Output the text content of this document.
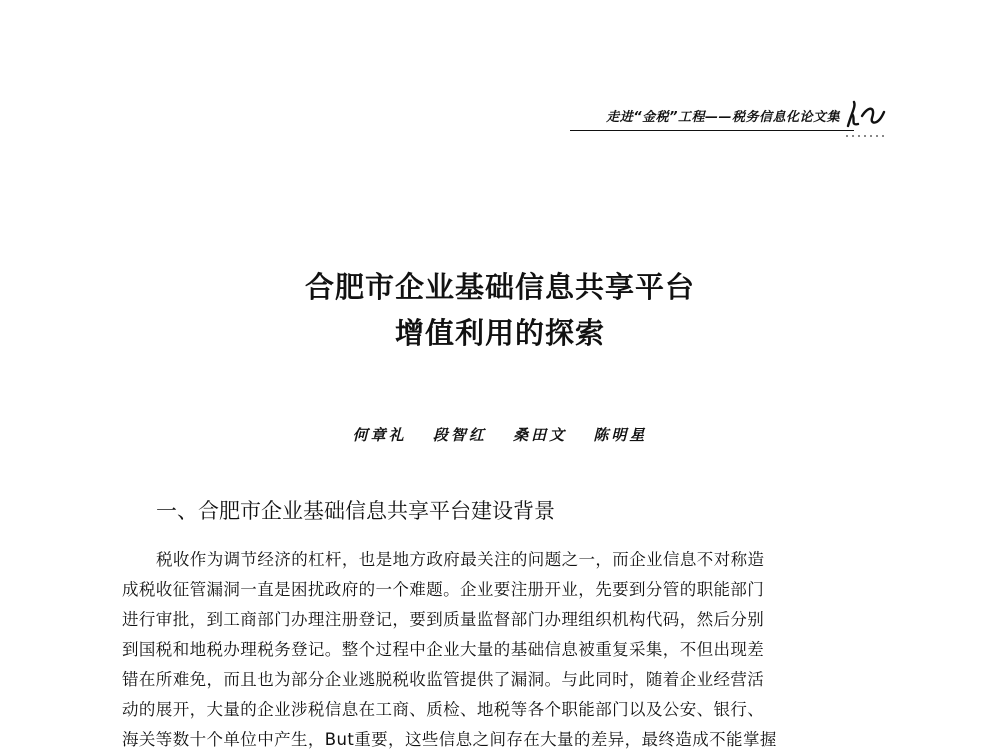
走进“金税”工程——税务信息化论文集
合肥市企业基础信息共享平台
增值利用的探索
何章礼 段智红 桑田文 陈明星
一、合肥市企业基础信息共享平台建设背景
税收作为调节经济的杠杆，也是地方政府最关注的问题之一，而企业信息不对称造
成税收征管漏洞一直是困扰政府的一个难题。企业要注册开业，先要到分管的职能部门
进行审批，到工商部门办理注册登记，要到质量监督部门办理组织机构代码，然后分别
到国税和地税办理税务登记。整个过程中企业大量的基础信息被重复采集，不但出现差
错在所难免，而且也为部分企业逃脱税收监管提供了漏洞。与此同时，随着企业经营活
动的展开，大量的企业涉税信息在工商、质检、地税等各个职能部门以及公安、银行、
海关等数十个单位中产生，But重要，这些信息之间存在大量的差异，最终造成不能掌握
